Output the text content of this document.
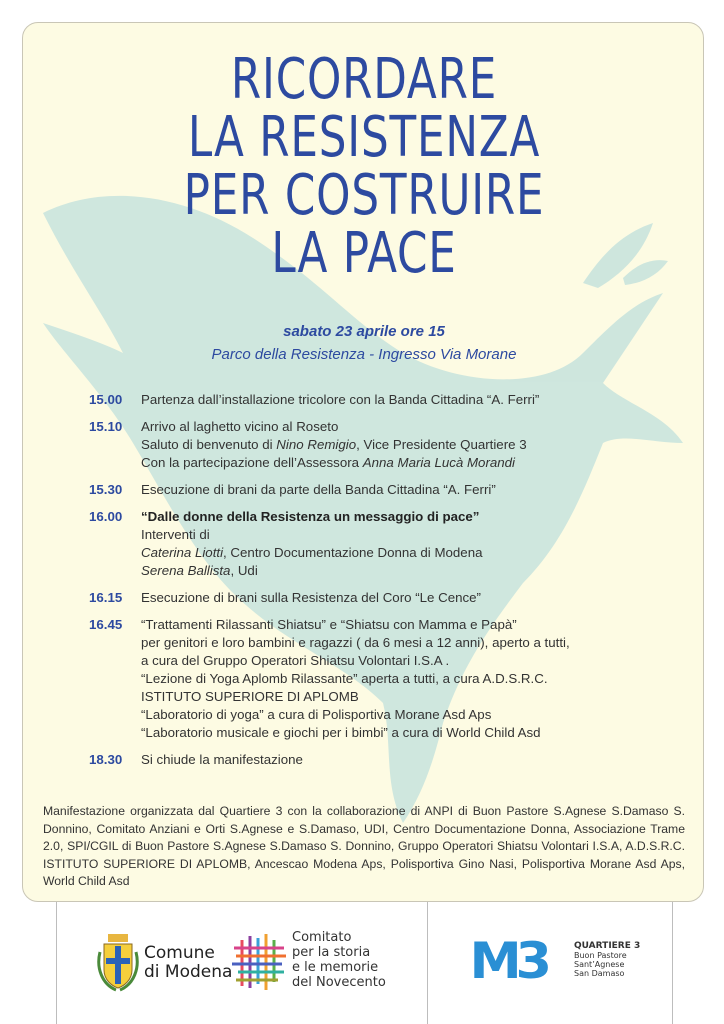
RICORDARE
LA RESISTENZA
PER COSTRUIRE
LA PACE
sabato 23 aprile ore 15
Parco della Resistenza - Ingresso Via Morane
15.00	Partenza dall’installazione tricolore con la Banda Cittadina “A. Ferri”
15.10	Arrivo al laghetto vicino al Roseto
Saluto di benvenuto di Nino Remigio, Vice Presidente Quartiere 3
Con la partecipazione dell’Assessora Anna Maria Lucà Morandi
15.30	Esecuzione di brani da parte della Banda Cittadina “A. Ferri”
16.00	“Dalle donne della Resistenza un messaggio di pace”
Interventi di
Caterina Liotti, Centro Documentazione Donna di Modena
Serena Ballista, Udi
16.15	Esecuzione di brani sulla Resistenza del Coro “Le Cence”
16.45	“Trattamenti Rilassanti Shiatsu” e “Shiatsu con Mamma e Papà”
per genitori e loro bambini e ragazzi ( da 6 mesi a 12 anni), aperto a tutti,
a cura del Gruppo Operatori Shiatsu Volontari I.S.A .
“Lezione di Yoga Aplomb Rilassante” aperta a tutti, a cura A.D.S.R.C.
ISTITUTO SUPERIORE DI APLOMB
“Laboratorio di yoga” a cura di Polisportiva Morane Asd Aps
“Laboratorio musicale e giochi per i bimbi” a cura di World Child Asd
18.30	Si chiude la manifestazione
Manifestazione organizzata dal Quartiere 3 con la collaborazione di ANPI di Buon Pastore S.Agnese S.Damaso S. Donnino, Comitato Anziani e Orti S.Agnese e S.Damaso, UDI, Centro Documentazione Donna, Associazione Trame 2.0, SPI/CGIL di Buon Pastore S.Agnese S.Damaso S. Donnino, Gruppo Operatori Shiatsu Volontari I.S.A, A.D.S.R.C. ISTITUTO SUPERIORE DI APLOMB, Ancescao Modena Aps, Polisportiva Gino Nasi, Polisportiva Morane Asd Aps, World Child Asd
Comune
di Modena
Comitato
per la storia
e le memorie
del Novecento M3	QUARTIERE 3
Buon Pastore
Sant’Agnese
San Damaso
